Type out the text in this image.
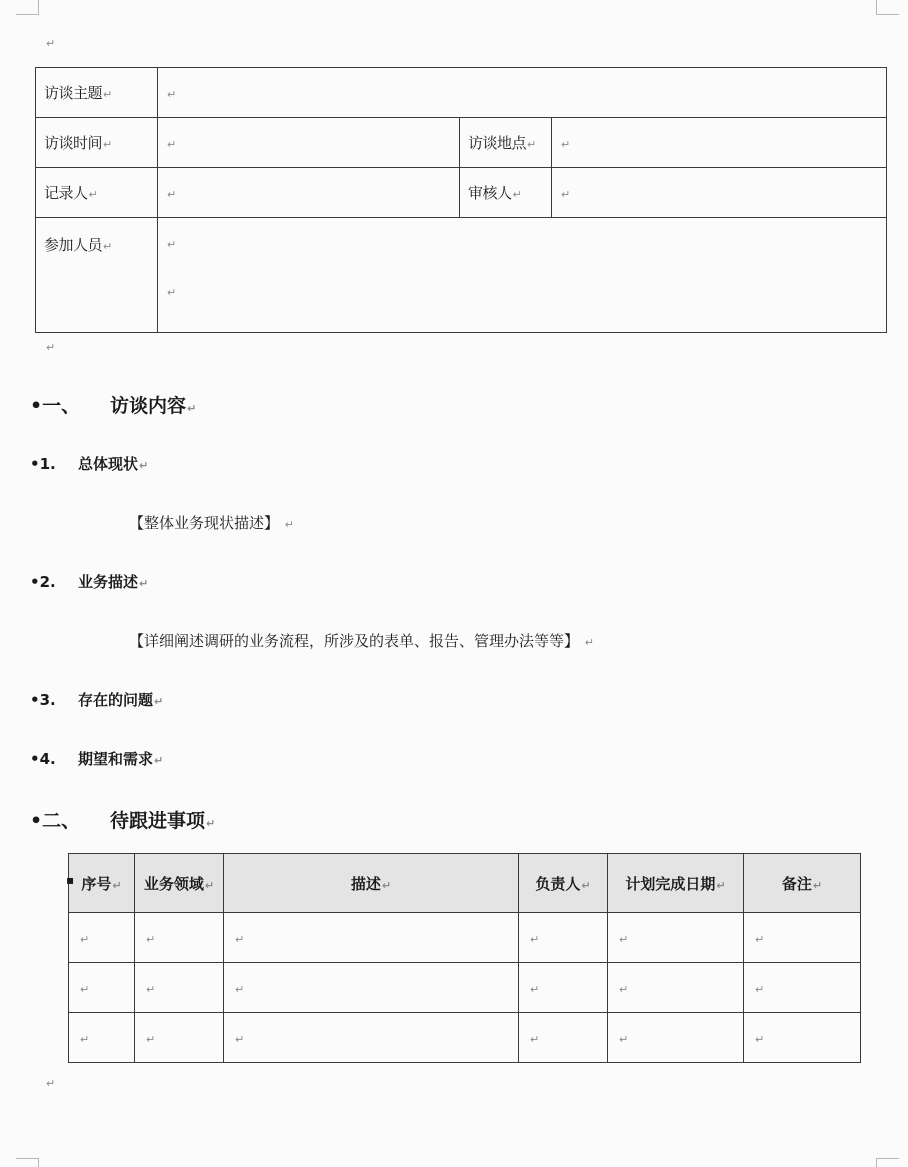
↵
访谈主题↵	↵		
访谈时间↵	↵	访谈地点↵	↵
记录人↵	↵	审核人↵	↵
参加人员↵	↵
↵		
↵
•一、 访谈内容↵
•1. 总体现状↵
【整体业务现状描述】 ↵
•2. 业务描述↵
【详细阐述调研的业务流程，所涉及的表单、报告、管理办法等等】 ↵
•3. 存在的问题↵
•4. 期望和需求↵
•二、 待跟进事项↵
▪ 序号↵	业务领域↵	描述↵	负责人↵	计划完成日期↵	备注↵
↵	↵	↵	↵	↵	↵
↵	↵	↵	↵	↵	↵
↵	↵	↵	↵	↵	↵
↵
